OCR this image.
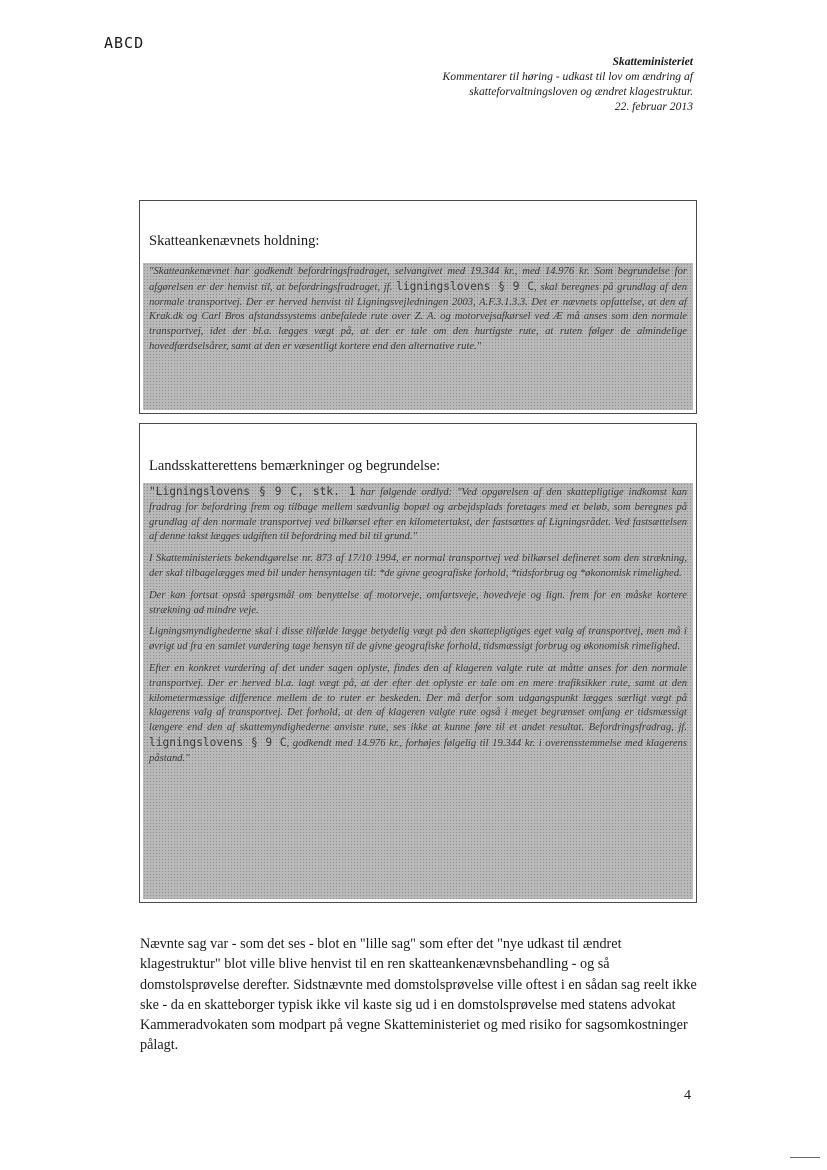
ABCD
Skatteministeriet
Kommentarer til høring - udkast til lov om ændring af
skatteforvaltningsloven og ændret klagestruktur.
22. februar 2013
Skatteankenævnets holdning:

"Skatteankenævnet har godkendt befordringsfradraget, selvangivet med 19.344 kr., med 14.976 kr. Som begrundelse for afgørelsen er der henvist til, at befordringsfradraget, jf. ligningslovens § 9 C, skal beregnes på grundlag af den normale transportvej. Der er herved henvist til Ligningsvejledningen 2003, A.F.3.1.3.3. Det er nævnets opfattelse, at den af Krak.dk og Carl Bros afstandssystems anbefalede rute over Z. A. og motorvejsafkørsel ved Æ må anses som den normale transportvej, idet der bl.a. lægges vægt på, at der er tale om den hurtigste rute, at ruten følger de almindelige hovedfærdselsårer, samt at den er væsentligt kortere end den alternative rute."

Landsskatterettens bemærkninger og begrundelse:

"Ligningslovens § 9 C, stk. 1 har følgende ordlyd: "Ved opgørelsen af den skattepligtige indkomst kan fradrag for befordring frem og tilbage mellem sædvanlig bopæl og arbejdsplads foretages med et beløb, som beregnes på grundlag af den normale transportvej ved bilkørsel efter en kilometertakst, der fastsættes af Ligningsrådet. Ved fastsættelsen af denne takst lægges udgiften til befordring med bil til grund."

I Skatteministeriets bekendtgørelse nr. 873 af 17/10 1994, er normal transportvej ved bilkørsel defineret som den strækning, der skal tilbagelægges med bil under hensyntagen til: *de givne geografiske forhold, *tidsforbrug og *økonomisk rimelighed.

Der kan fortsat opstå spørgsmål om benyttelse af motorveje, omfartsveje, hovedveje og lign. frem for en måske kortere strækning ad mindre veje.

Ligningsmyndighederne skal i disse tilfælde lægge betydelig vægt på den skattepligtiges eget valg af transportvej, men må i øvrigt ud fra en samlet vurdering tage hensyn til de givne geografiske forhold, tidsmæssigt forbrug og økonomisk rimelighed.

Efter en konkret vurdering af det under sagen oplyste, findes den af klageren valgte rute at måtte anses for den normale transportvej. Der er herved bl.a. lagt vægt på, at der efter det oplyste er tale om en mere trafiksikker rute, samt at den kilometermæssige difference mellem de to ruter er beskeden. Der må derfor som udgangspunkt lægges særligt vægt på klagerens valg af transportvej. Det forhold, at den af klageren valgte rute også i meget begrænset omfang er tidsmæssigt længere end den af skattemyndighederne anviste rute, ses ikke at kunne føre til et andet resultat. Befordringsfradrag, jf. ligningslovens § 9 C, godkendt med 14.976 kr., forhøjes følgelig til 19.344 kr. i overensstemmelse med klagerens påstand."

Nævnte sag var - som det ses - blot en "lille sag" som efter det "nye udkast til ændret klagestruktur" blot ville blive henvist til en ren skatteankenævnsbehandling - og så domstolsprøvelse derefter. Sidstnævnte med domstolsprøvelse ville oftest i en sådan sag reelt ikke ske - da en skatteborger typisk ikke vil kaste sig ud i en domstolsprøvelse med statens advokat Kammeradvokaten som modpart på vegne Skatteministeriet og med risiko for sagsomkostninger pålagt.

4
